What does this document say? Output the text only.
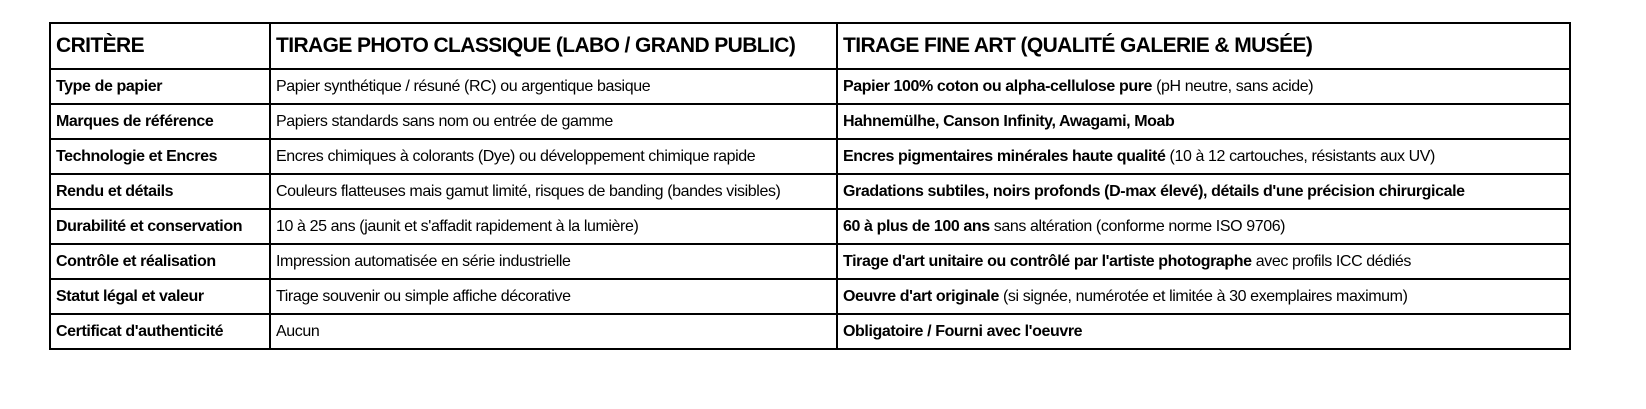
CRITÈRE	TIRAGE PHOTO CLASSIQUE (LABO / GRAND PUBLIC)	TIRAGE FINE ART (QUALITÉ GALERIE & MUSÉE)
Type de papier	Papier synthétique / résuné (RC) ou argentique basique	Papier 100% coton ou alpha-cellulose pure (pH neutre, sans acide)
Marques de référence	Papiers standards sans nom ou entrée de gamme	Hahnemülhe, Canson Infinity, Awagami, Moab
Technologie et Encres	Encres chimiques à colorants (Dye) ou développement chimique rapide	Encres pigmentaires minérales haute qualité (10 à 12 cartouches, résistants aux UV)
Rendu et détails	Couleurs flatteuses mais gamut limité, risques de banding (bandes visibles)	Gradations subtiles, noirs profonds (D-max élevé), détails d'une précision chirurgicale
Durabilité et conservation	10 à 25 ans (jaunit et s'affadit rapidement à la lumière)	60 à plus de 100 ans sans altération (conforme norme ISO 9706)
Contrôle et réalisation	Impression automatisée en série industrielle	Tirage d'art unitaire ou contrôlé par l'artiste photographe avec profils ICC dédiés
Statut légal et valeur	Tirage souvenir ou simple affiche décorative	Oeuvre d'art originale (si signée, numérotée et limitée à 30 exemplaires maximum)
Certificat d'authenticité	Aucun	Obligatoire / Fourni avec l'oeuvre
